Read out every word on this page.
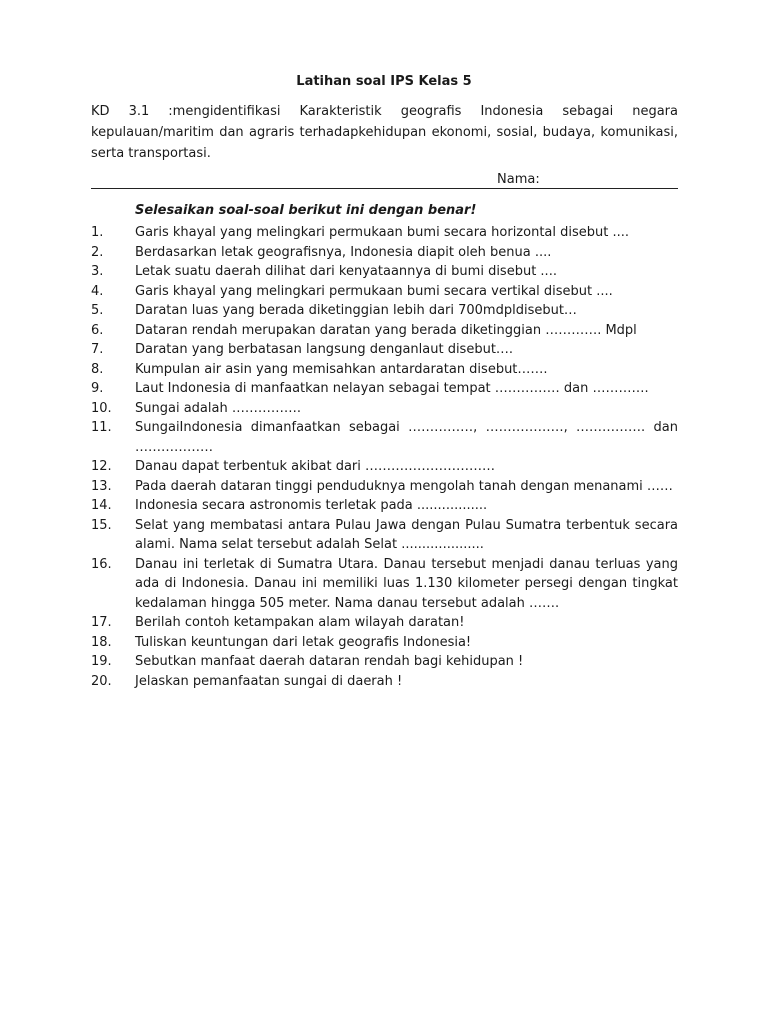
Latihan soal IPS Kelas 5

KD 3.1 :mengidentifikasi Karakteristik geografis Indonesia sebagai negara kepulauan/maritim dan agraris terhadapkehidupan ekonomi, sosial, budaya, komunikasi, serta transportasi.

Nama:
Selesaikan soal-soal berikut ini dengan benar!
1.	Garis khayal yang melingkari permukaan bumi secara horizontal disebut ....
2.	Berdasarkan letak geografisnya, Indonesia diapit oleh benua ....
3.	Letak suatu daerah dilihat dari kenyataannya di bumi disebut ....
4.	Garis khayal yang melingkari permukaan bumi secara vertikal disebut ....
5.	Daratan luas yang berada diketinggian lebih dari 700mdpldisebut…
6.	Dataran rendah merupakan daratan yang berada diketinggian …………. Mdpl
7.	Daratan yang berbatasan langsung denganlaut disebut….
8.	Kumpulan air asin yang memisahkan antardaratan disebut…….
9.	Laut Indonesia di manfaatkan nelayan sebagai tempat …………… dan ………….
10.	Sungai adalah …………….
11.	SungaiIndonesia dimanfaatkan sebagai ……………, ………………, ……………. dan ………………
12.	Danau dapat terbentuk akibat dari …………………………
13.	Pada daerah dataran tinggi penduduknya mengolah tanah dengan menanami ……
14.	Indonesia secara astronomis terletak pada .................
15.	Selat yang membatasi antara Pulau Jawa dengan Pulau Sumatra terbentuk secara alami. Nama selat tersebut adalah Selat ....................
16.	Danau ini terletak di Sumatra Utara. Danau tersebut menjadi danau terluas yang ada di Indonesia. Danau ini memiliki luas 1.130 kilometer persegi dengan tingkat kedalaman hingga 505 meter. Nama danau tersebut adalah …….
17.	Berilah contoh ketampakan alam wilayah daratan!
18.	Tuliskan keuntungan dari letak geografis Indonesia!
19.	Sebutkan manfaat daerah dataran rendah bagi kehidupan !
20.	Jelaskan pemanfaatan sungai di daerah !
